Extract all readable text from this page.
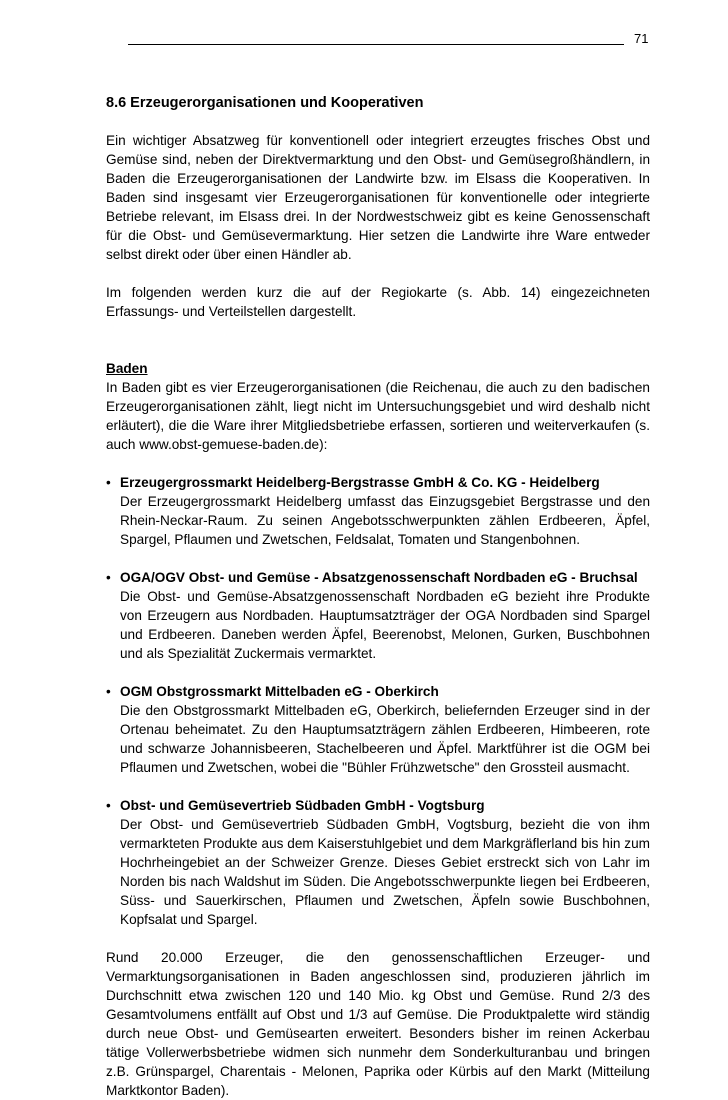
71
8.6 Erzeugerorganisationen und Kooperativen

Ein wichtiger Absatzweg für konventionell oder integriert erzeugtes frisches Obst und Gemüse sind, neben der Direktvermarktung und den Obst- und Gemüsegroßhändlern, in Baden die Erzeugerorganisationen der Landwirte bzw. im Elsass die Kooperativen. In Baden sind insgesamt vier Erzeugerorganisationen für konventionelle oder integrierte Betriebe relevant, im Elsass drei. In der Nordwestschweiz gibt es keine Genossenschaft für die Obst- und Gemüsevermarktung. Hier setzen die Landwirte ihre Ware entweder selbst direkt oder über einen Händler ab.

Im folgenden werden kurz die auf der Regiokarte (s. Abb. 14) eingezeichneten Erfassungs- und Verteilstellen dargestellt.

Baden

In Baden gibt es vier Erzeugerorganisationen (die Reichenau, die auch zu den badischen Erzeugerorganisationen zählt, liegt nicht im Untersuchungsgebiet und wird deshalb nicht erläutert), die die Ware ihrer Mitgliedsbetriebe erfassen, sortieren und weiterverkaufen (s. auch www.obst-gemuese-baden.de):

• Erzeugergrossmarkt Heidelberg-Bergstrasse GmbH & Co. KG - Heidelberg
Der Erzeugergrossmarkt Heidelberg umfasst das Einzugsgebiet Bergstrasse und den Rhein-Neckar-Raum. Zu seinen Angebotsschwerpunkten zählen Erdbeeren, Äpfel, Spargel, Pflaumen und Zwetschen, Feldsalat, Tomaten und Stangenbohnen.
• OGA/OGV Obst- und Gemüse - Absatzgenossenschaft Nordbaden eG - Bruchsal
Die Obst- und Gemüse-Absatzgenossenschaft Nordbaden eG bezieht ihre Produkte von Erzeugern aus Nordbaden. Hauptumsatzträger der OGA Nordbaden sind Spargel und Erdbeeren. Daneben werden Äpfel, Beerenobst, Melonen, Gurken, Buschbohnen und als Spezialität Zuckermais vermarktet.
• OGM Obstgrossmarkt Mittelbaden eG - Oberkirch
Die den Obstgrossmarkt Mittelbaden eG, Oberkirch, beliefernden Erzeuger sind in der Ortenau beheimatet. Zu den Hauptumsatzträgern zählen Erdbeeren, Himbeeren, rote und schwarze Johannisbeeren, Stachelbeeren und Äpfel. Marktführer ist die OGM bei Pflaumen und Zwetschen, wobei die "Bühler Frühzwetsche" den Grossteil ausmacht.
• Obst- und Gemüsevertrieb Südbaden GmbH - Vogtsburg
Der Obst- und Gemüsevertrieb Südbaden GmbH, Vogtsburg, bezieht die von ihm vermarkteten Produkte aus dem Kaiserstuhlgebiet und dem Markgräflerland bis hin zum Hochrheingebiet an der Schweizer Grenze. Dieses Gebiet erstreckt sich von Lahr im Norden bis nach Waldshut im Süden. Die Angebotsschwerpunkte liegen bei Erdbeeren, Süss- und Sauerkirschen, Pflaumen und Zwetschen, Äpfeln sowie Buschbohnen, Kopfsalat und Spargel.

Rund 20.000 Erzeuger, die den genossenschaftlichen Erzeuger- und Vermarktungsorganisationen in Baden angeschlossen sind, produzieren jährlich im Durchschnitt etwa zwischen 120 und 140 Mio. kg Obst und Gemüse. Rund 2/3 des Gesamtvolumens entfällt auf Obst und 1/3 auf Gemüse. Die Produktpalette wird ständig durch neue Obst- und Gemüsearten erweitert. Besonders bisher im reinen Ackerbau tätige Vollerwerbsbetriebe widmen sich nunmehr dem Sonderkulturanbau und bringen z.B. Grünspargel, Charentais - Melonen, Paprika oder Kürbis auf den Markt (Mitteilung Marktkontor Baden).
